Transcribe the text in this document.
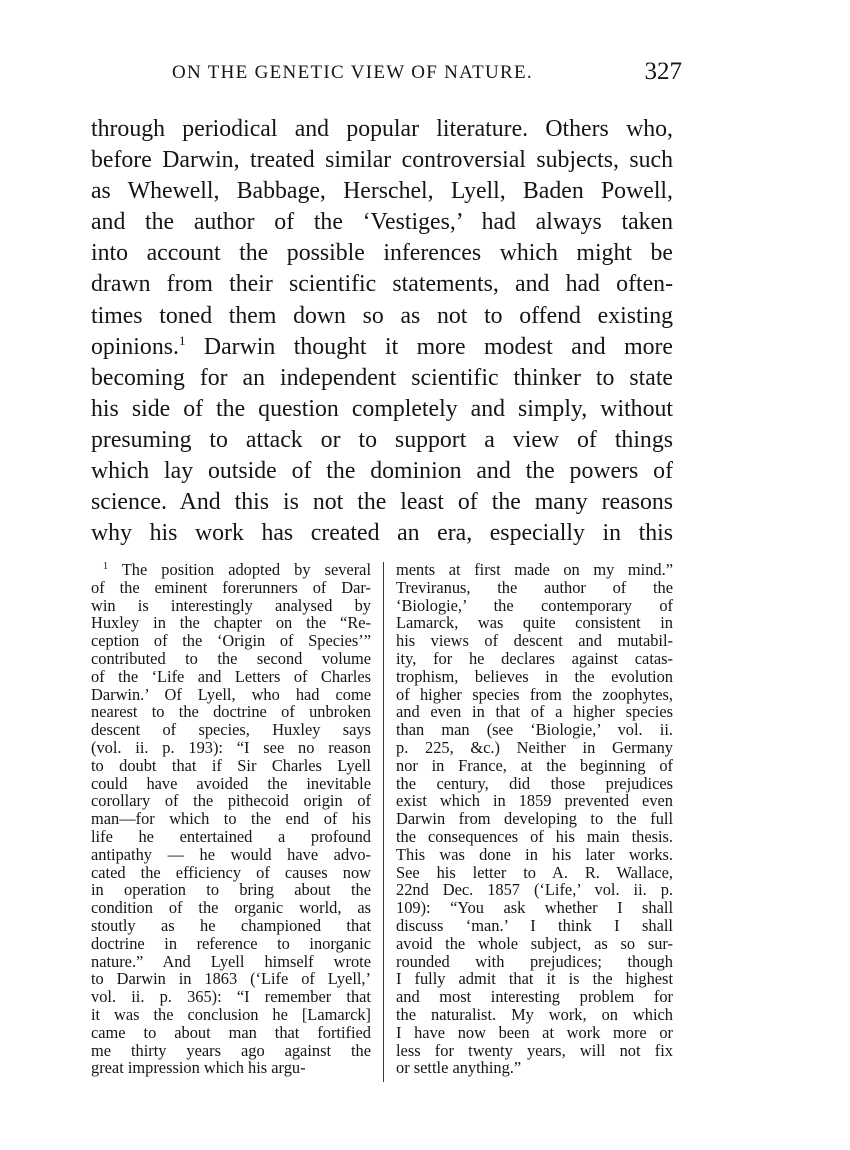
ON THE GENETIC VIEW OF NATURE.	327
through periodical and popular literature. Others who,
before Darwin, treated similar controversial subjects, such
as Whewell, Babbage, Herschel, Lyell, Baden Powell,
and the author of the ‘Vestiges,’ had always taken
into account the possible inferences which might be
drawn from their scientific statements, and had often-
times toned them down so as not to offend existing
opinions.$^1$ Darwin thought it more modest and more
becoming for an independent scientific thinker to state
his side of the question completely and simply, without
presuming to attack or to support a view of things
which lay outside of the dominion and the powers of
science. And this is not the least of the many reasons
why his work has created an era, especially in this
$^1$ The position adopted by several
of the eminent forerunners of Dar-
win is interestingly analysed by
Huxley in the chapter on the “Re-
ception of the ‘Origin of Species’”
contributed to the second volume
of the ‘Life and Letters of Charles
Darwin.’ Of Lyell, who had come
nearest to the doctrine of unbroken
descent of species, Huxley says
(vol. ii. p. 193): “I see no reason
to doubt that if Sir Charles Lyell
could have avoided the inevitable
corollary of the pithecoid origin of
man—for which to the end of his
life he entertained a profound
antipathy — he would have advo-
cated the efficiency of causes now
in operation to bring about the
condition of the organic world, as
stoutly as he championed that
doctrine in reference to inorganic
nature.” And Lyell himself wrote
to Darwin in 1863 (‘Life of Lyell,’
vol. ii. p. 365): “I remember that
it was the conclusion he [Lamarck]
came to about man that fortified
me thirty years ago against the
great impression which his argu-
ments at first made on my mind.”
Treviranus, the author of the
‘Biologie,’ the contemporary of
Lamarck, was quite consistent in
his views of descent and mutabil-
ity, for he declares against catas-
trophism, believes in the evolution
of higher species from the zoophytes,
and even in that of a higher species
than man (see ‘Biologie,’ vol. ii.
p. 225, &c.) Neither in Germany
nor in France, at the beginning of
the century, did those prejudices
exist which in 1859 prevented even
Darwin from developing to the full
the consequences of his main thesis.
This was done in his later works.
See his letter to A. R. Wallace,
22nd Dec. 1857 (‘Life,’ vol. ii. p.
109): “You ask whether I shall
discuss ‘man.’ I think I shall
avoid the whole subject, as so sur-
rounded with prejudices; though
I fully admit that it is the highest
and most interesting problem for
the naturalist. My work, on which
I have now been at work more or
less for twenty years, will not fix
or settle anything.”
